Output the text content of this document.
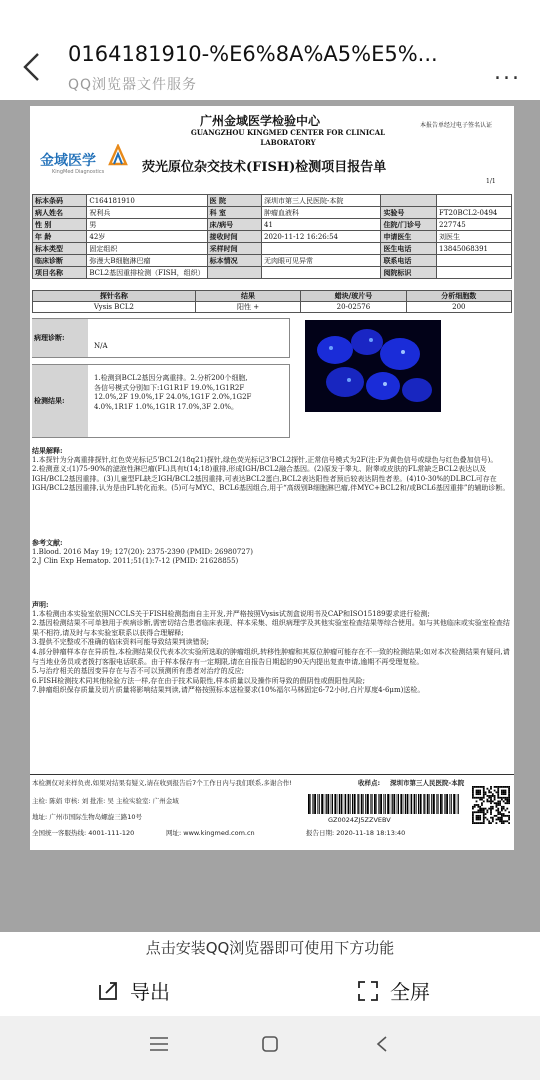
0164181910-%E6%8A%A5%E5%...
QQ浏览器文件服务	...
金域医学
KingMed Diagnostics
广州金域医学检验中心
GUANGZHOU KINGMED CENTER FOR CLINICAL LABORATORY
本报告单经过电子签名认证
荧光原位杂交技术(FISH)检测项目报告单
1/1
标本条码	C164181910	医 院	深圳市第三人民医院-本院		
病人姓名	祝利兵	科 室	肿瘤血液科	实验号	FT20BCL2-0494
性 别	男	床/病号	41	住院/门诊号	227745
年 龄	42岁	接收时间	2020-11-12 16:26:54	申请医生	刘医生
标本类型	固定组织	采样时间		医生电话	13845068391
临床诊断	弥漫大B细胞淋巴瘤	标本情况	无肉眼可见异常	联系电话	
项目名称	BCL2基因重排检测（FISH，组织）			阅院标识	
探针名称	结果	蜡块/玻片号	分析细胞数
Vysis BCL2	阳性 +	20-02576	200
病理诊断:
N/A
检测结果:
1.检测到BCL2基因分离重排。2.分析200个细胞,各信号模式分别如下:1G1R1F 19.0%,1G1R2F 12.0%,2F 19.0%,1F 24.0%,1G1F 2.0%,1G2F 4.0%,1R1F 1.0%,1G1R 17.0%,3F 2.0%。
结果解释:
1.本探针为分离重排探针,红色荧光标记5'BCL2(18q21)探针,绿色荧光标记3'BCL2探针,正常信号模式为2F(注:F为黄色信号或绿色与红色叠加信号)。
2.检测意义:(1)75-90%的滤泡性淋巴瘤(FL)具有t(14;18)重排,形成IGH/BCL2融合基因。(2)原发于睾丸、附睾或皮肤的FL常缺乏BCL2表达以及IGH/BCL2基因重排。(3)儿童型FL缺乏IGH/BCL2基因重排,可表达BCL2蛋白,BCL2表达阳性者预后较表达阴性者差。(4)10-30%的DLBCL可存在IGH/BCL2基因重排,认为是由FL转化而来。(5)可与MYC、BCL6基因组合,用于“高级别B细胞淋巴瘤,伴MYC+BCL2和/或BCL6基因重排”的辅助诊断。
参考文献:
1.Blood. 2016 May 19; 127(20): 2375-2390 (PMID: 26980727)
2.J Clin Exp Hematop. 2011;51(1):7-12 (PMID: 21628855)
声明:
1.本检测由本实验室依照NCCLS关于FISH检测指南自主开发,并严格按照Vysis试剂盒说明书及CAP和ISO15189要求进行检测;
2.基因检测结果不可单独用于疾病诊断,需密切结合患者临床表现、样本采集、组织病理学及其他实验室检查结果等综合使用。如与其他临床或实验室检查结果不相符,请及时与本实验室联系以获得合理解释;
3.提供不完整或不准确的临床资料可能导致结果判读错误;
4.部分肿瘤样本存在异质性,本检测结果仅代表本次实验所选取的肿瘤组织,转移性肿瘤和其原位肿瘤可能存在不一致的检测结果;如对本次检测结果有疑问,请与当地业务员或者拨打客服电话联系。由于样本保存有一定期限,请在自报告日期起的90天内提出复查申请,逾期不再受理复检。
5.与治疗相关的基因变异存在与否不可以预测所有患者对治疗的反应;
6.FISH检测技术同其他检验方法一样,存在由于技术局限性,样本质量以及操作所导致的假阴性或假阳性风险;
7.肿瘤组织保存质量及切片质量将影响结果判读,请严格按照标本送检要求(10%福尔马林固定6-72小时,白片厚度4-6μm)送检。
本检测仅对来样负责,如果对结果有疑义,请在收到报告后7个工作日内与我们联系,多谢合作!	收样点: 深圳市第三人民医院-本院
主检: 陈娟 审核: 刘 批准: 吴 主检实验室: 广州金域
地址: 广州市国际生物岛螺旋三路10号	GZ0024ZJ5ZZVEBV
全国统一客服热线: 4001-111-120	网址: www.kingmed.com.cn	报告日期: 2020-11-18 18:13:40
点击安装QQ浏览器即可使用下方功能
导出	全屏
